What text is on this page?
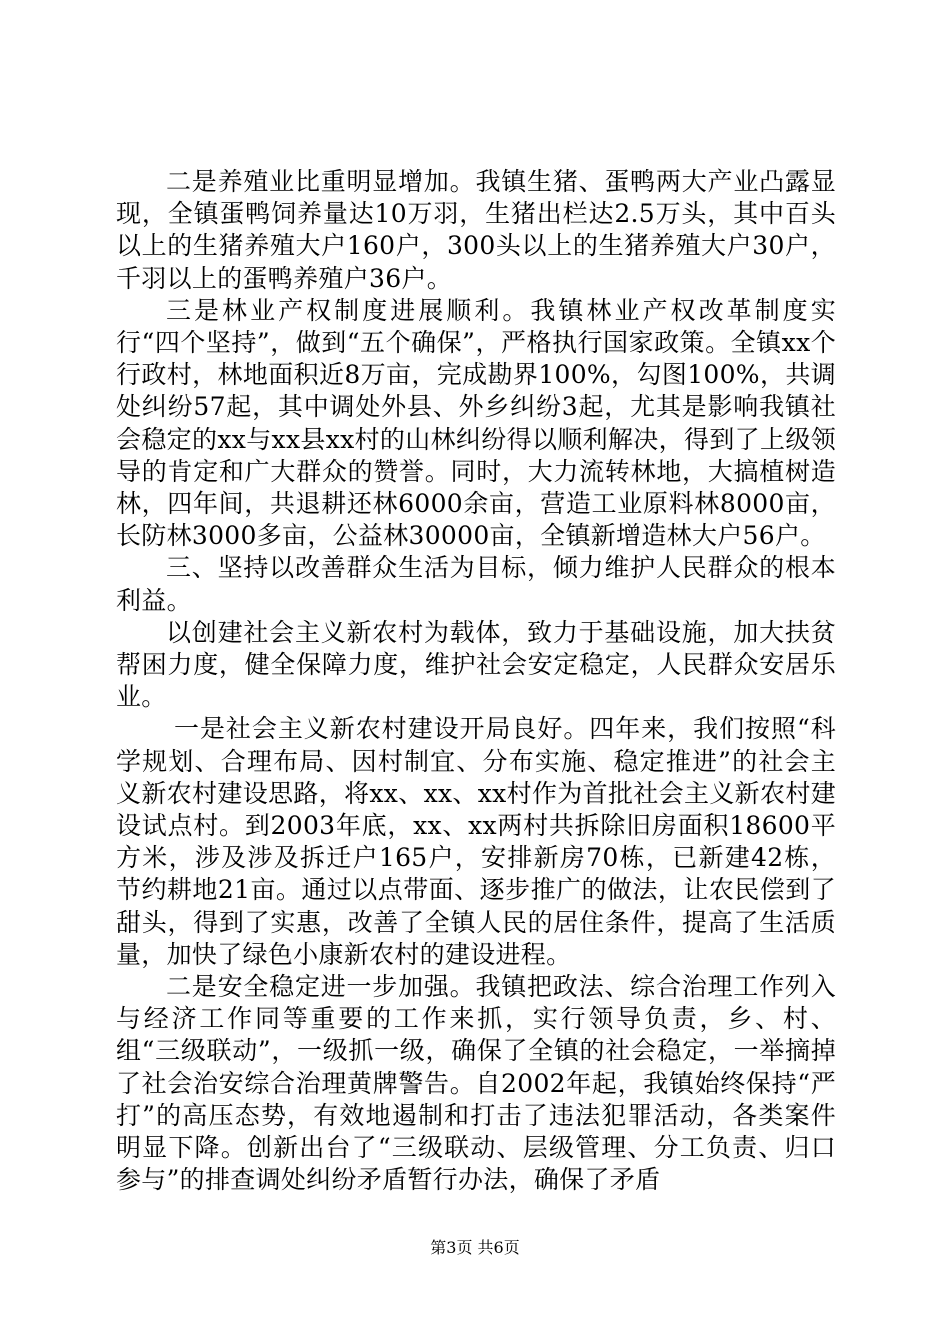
二是养殖业比重明显增加。我镇生猪、蛋鸭两大产业凸露显现，全镇蛋鸭饲养量达10万羽，生猪出栏达2.5万头，其中百头以上的生猪养殖大户160户，300头以上的生猪养殖大户30户，千羽以上的蛋鸭养殖户36户。

三是林业产权制度进展顺利。我镇林业产权改革制度实行“四个坚持”，做到“五个确保”，严格执行国家政策。全镇xx个行政村，林地面积近8万亩，完成勘界100%，勾图100%，共调处纠纷57起，其中调处外县、外乡纠纷3起，尤其是影响我镇社会稳定的xx与xx县xx村的山林纠纷得以顺利解决，得到了上级领导的肯定和广大群众的赞誉。同时，大力流转林地，大搞植树造林，四年间，共退耕还林6000余亩，营造工业原料林8000亩，长防林3000多亩，公益林30000亩，全镇新增造林大户56户。

三、坚持以改善群众生活为目标，倾力维护人民群众的根本利益。

以创建社会主义新农村为载体，致力于基础设施，加大扶贫帮困力度，健全保障力度，维护社会安定稳定，人民群众安居乐业。

一是社会主义新农村建设开局良好。四年来，我们按照“科学规划、合理布局、因村制宜、分布实施、稳定推进”的社会主义新农村建设思路，将xx、xx、xx村作为首批社会主义新农村建设试点村。到2003年底，xx、xx两村共拆除旧房面积18600平方米，涉及涉及拆迁户165户，安排新房70栋，已新建42栋，节约耕地21亩。通过以点带面、逐步推广的做法，让农民偿到了甜头，得到了实惠，改善了全镇人民的居住条件，提高了生活质量，加快了绿色小康新农村的建设进程。

二是安全稳定进一步加强。我镇把政法、综合治理工作列入与经济工作同等重要的工作来抓，实行领导负责，乡、村、组“三级联动”，一级抓一级，确保了全镇的社会稳定，一举摘掉了社会治安综合治理黄牌警告。自2002年起，我镇始终保持“严打”的高压态势，有效地遏制和打击了违法犯罪活动，各类案件明显下降。创新出台了“三级联动、层级管理、分工负责、归口参与”的排查调处纠纷矛盾暂行办法，确保了矛盾

第3页 共6页
